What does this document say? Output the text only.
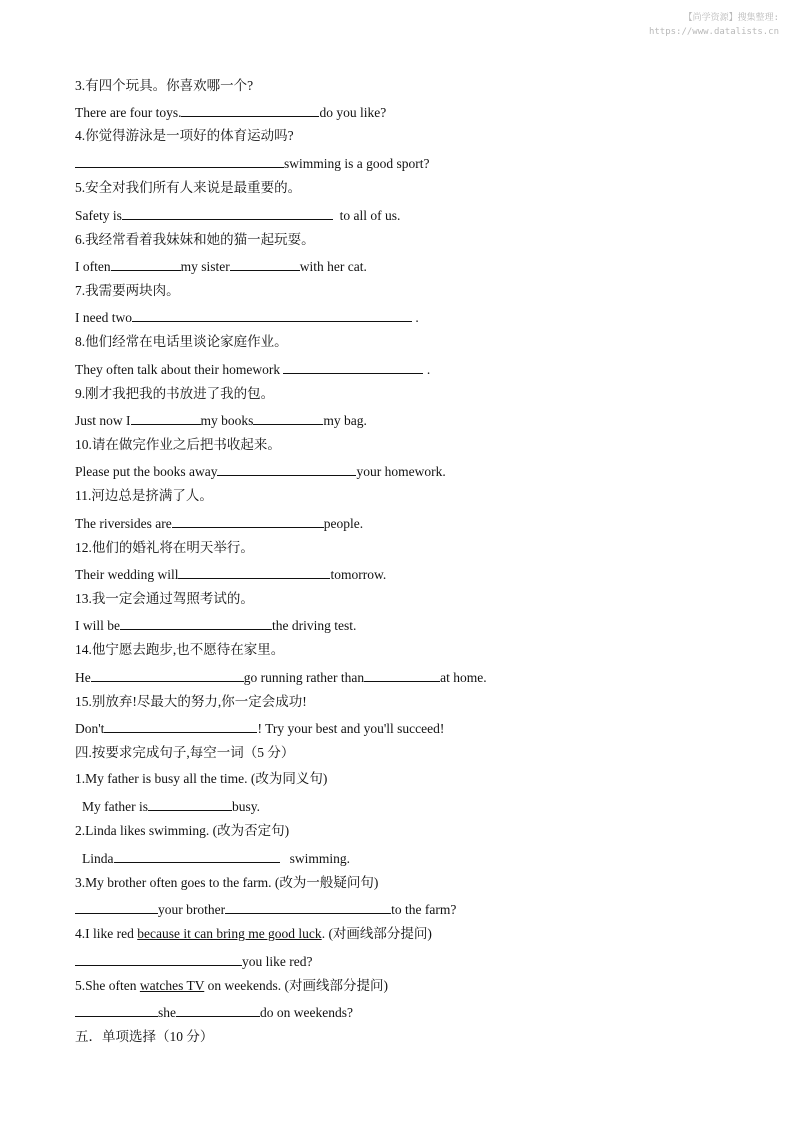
【尚学资源】搜集整理:
https://www.datalists.cn
3.有四个玩具。你喜欢哪一个?
There are four toys.	do you like?
4.你觉得游泳是一项好的体育运动吗?
swimming is a good sport?
5.安全对我们所有人来说是最重要的。
Safety is	to all of us.
6.我经常看着我妹妹和她的猫一起玩耍。
I often	my sister	with her cat.
7.我需要两块肉。
I need two	.
8.他们经常在电话里谈论家庭作业。
They often talk about their homework	.
9.刚才我把我的书放进了我的包。
Just now I	my books	my bag.
10.请在做完作业之后把书收起来。
Please put the books away	your homework.
11.河边总是挤满了人。
The riversides are	people.
12.他们的婚礼将在明天举行。
Their wedding will	tomorrow.
13.我一定会通过驾照考试的。
I will be	the driving test.
14.他宁愿去跑步,也不愿待在家里。
He	go running rather than	at home.
15.别放弃!尽最大的努力,你一定会成功!
Don't	! Try your best and you'll succeed!
四.按要求完成句子,每空一词（5 分）
1.My father is busy all the time. (改为同义句)
My father is	busy.
2.Linda likes swimming. (改为否定句)
Linda	swimming.
3.My brother often goes to the farm. (改为一般疑问句)
your brother	to the farm?
4.I like red because it can bring me good luck. (对画线部分提问)
you like red?
5.She often watches TV on weekends. (对画线部分提问)
she	do on weekends?
五．单项选择（10 分）
